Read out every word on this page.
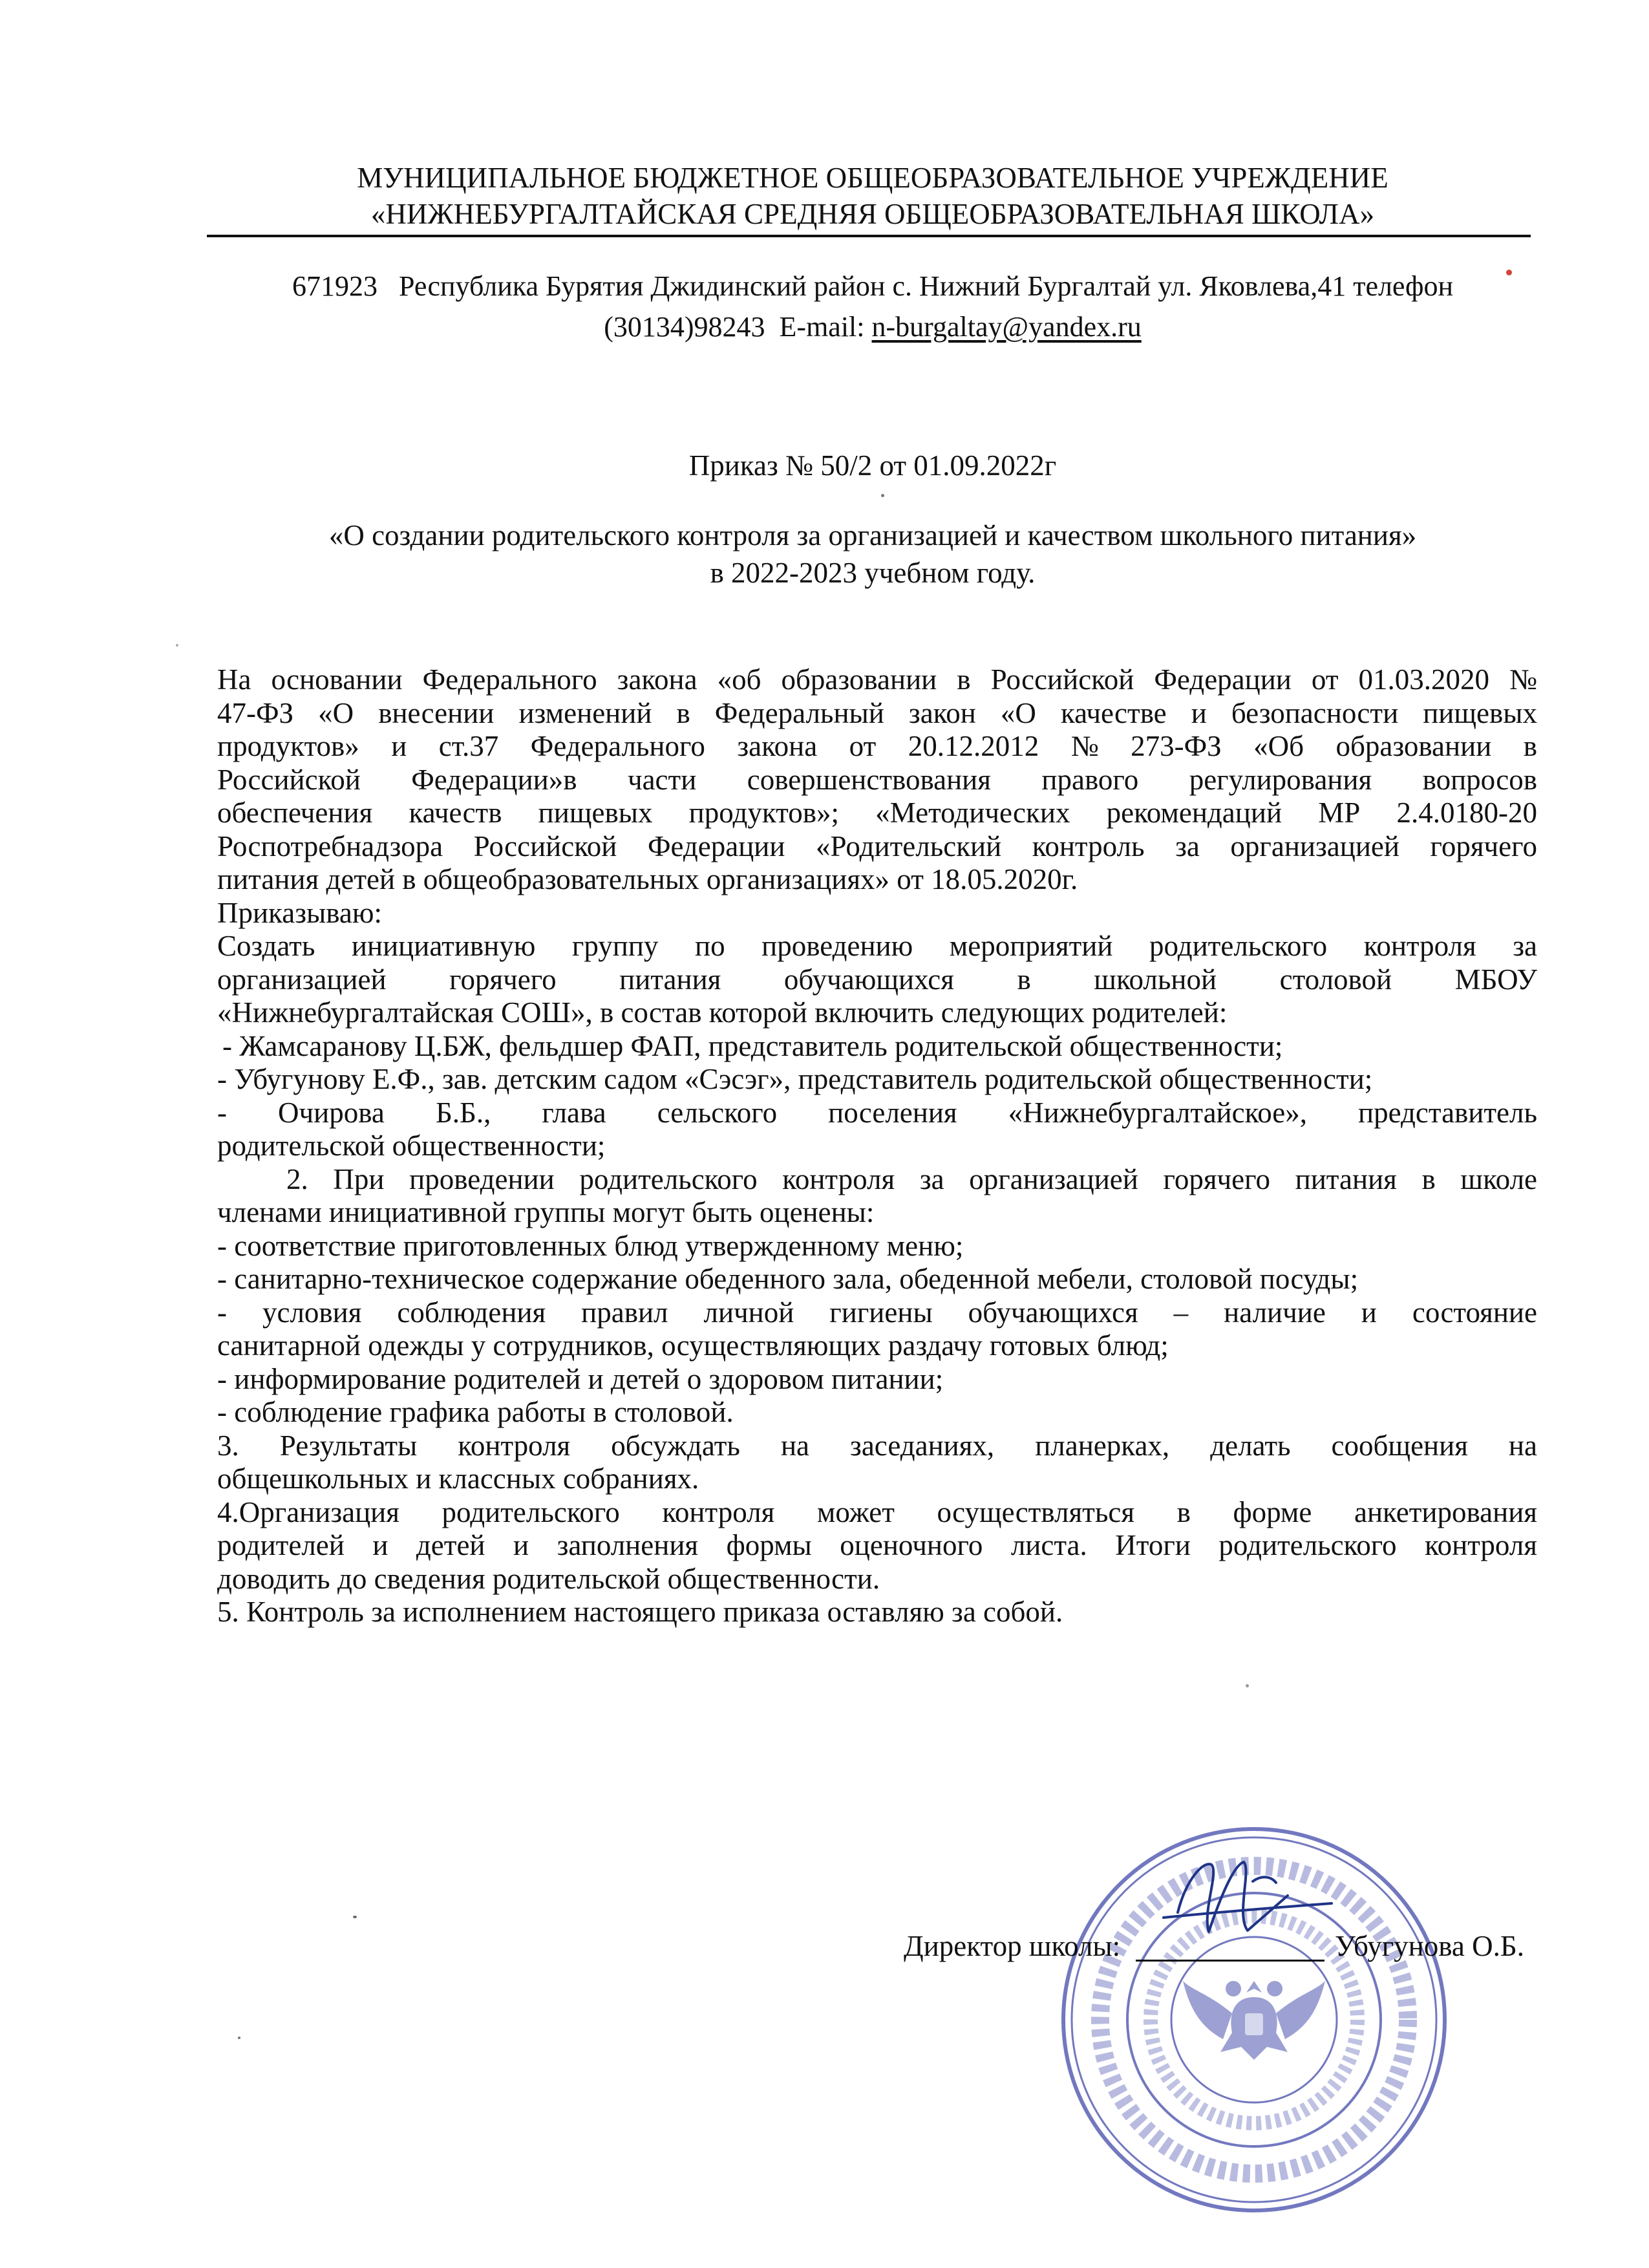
МУНИЦИПАЛЬНОЕ БЮДЖЕТНОЕ ОБЩЕОБРАЗОВАТЕЛЬНОЕ УЧРЕЖДЕНИЕ
«НИЖНЕБУРГАЛТАЙСКАЯ СРЕДНЯЯ ОБЩЕОБРАЗОВАТЕЛЬНАЯ ШКОЛА»
671923   Республика Бурятия Джидинский район с. Нижний Бургалтай ул. Яковлева,41 телефон
(30134)98243 E-mail: n-burgaltay@yandex.ru
Приказ № 50/2 от 01.09.2022г
«О создании родительского контроля за организацией и качеством школьного питания»
в 2022-2023 учебном году.
На основании Федерального закона «об образовании в Российской Федерации от 01.03.2020 №
47-ФЗ «О внесении изменений в Федеральный закон «О качестве и безопасности пищевых
продуктов» и ст.37 Федерального закона от 20.12.2012 № 273-ФЗ «Об образовании в
Российской Федерации»в части совершенствования правого регулирования вопросов
обеспечения качеств пищевых продуктов»; «Методических рекомендаций МР 2.4.0180-20
Роспотребнадзора Российской Федерации «Родительский контроль за организацией горячего
питания детей в общеобразовательных организациях» от 18.05.2020г.
Приказываю:
Создать инициативную группу по проведению мероприятий родительского контроля за
организацией горячего питания обучающихся в школьной столовой МБОУ
«Нижнебургалтайская СОШ», в состав которой включить следующих родителей:
- Жамсаранову Ц.БЖ, фельдшер ФАП, представитель родительской общественности;
- Убугунову Е.Ф., зав. детским садом «Сэсэг», представитель родительской общественности;
- Очирова Б.Б., глава сельского поселения «Нижнебургалтайское», представитель
родительской общественности;
2. При проведении родительского контроля за организацией горячего питания в школе
членами инициативной группы могут быть оценены:
- соответствие приготовленных блюд утвержденному меню;
- санитарно-техническое содержание обеденного зала, обеденной мебели, столовой посуды;
- условия соблюдения правил личной гигиены обучающихся – наличие и состояние
санитарной одежды у сотрудников, осуществляющих раздачу готовых блюд;
- информирование родителей и детей о здоровом питании;
- соблюдение графика работы в столовой.
3. Результаты контроля обсуждать на заседаниях, планерках, делать сообщения на
общешкольных и классных собраниях.
4.Организация родительского контроля может осуществляться в форме анкетирования
родителей и детей и заполнения формы оценочного листа. Итоги родительского контроля
доводить до сведения родительской общественности.
5. Контроль за исполнением настоящего приказа оставляю за собой.
Директор школы:	Убугунова О.Б.
